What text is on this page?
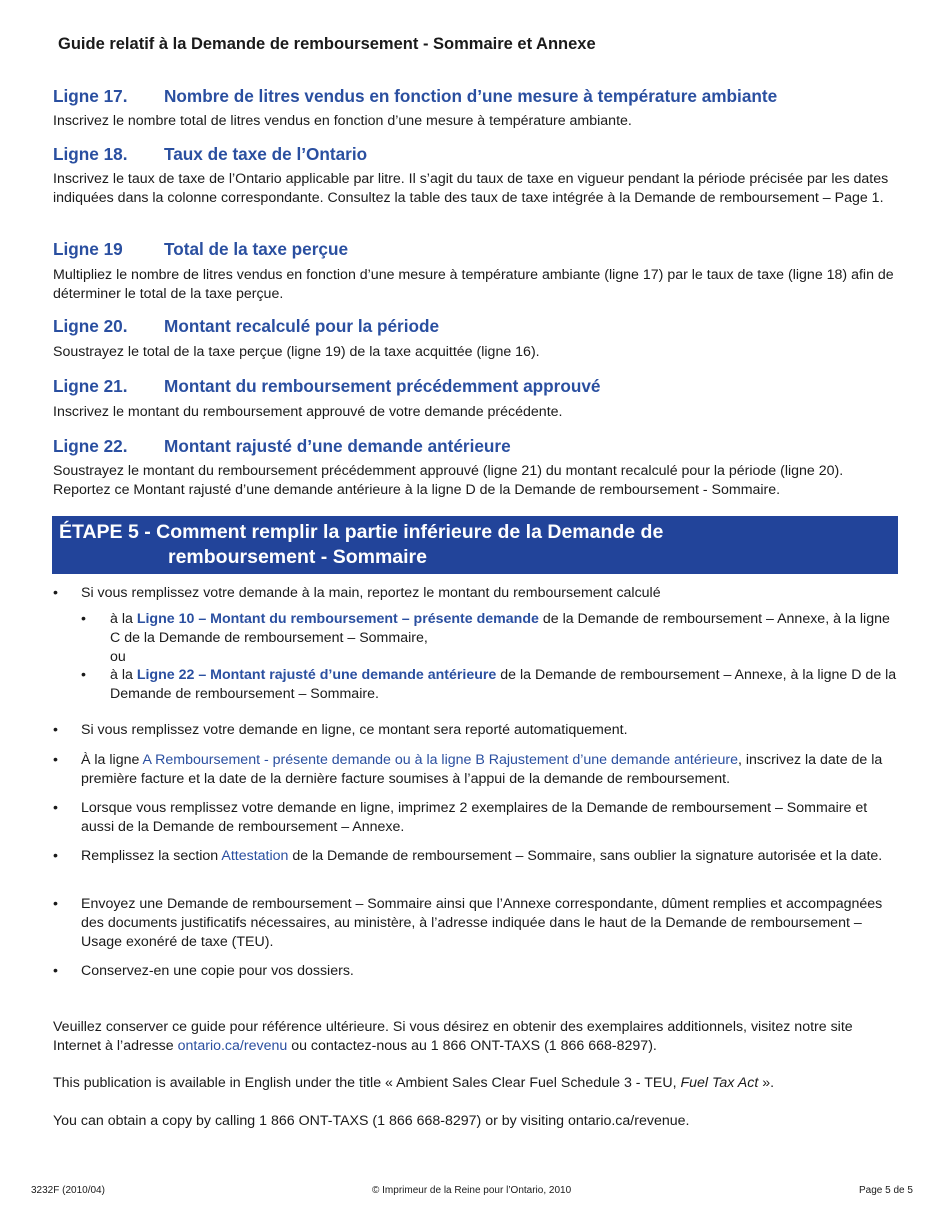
Guide relatif à la Demande de remboursement - Sommaire et Annexe
Ligne 17. Nombre de litres vendus en fonction d’une mesure à température ambiante
Inscrivez le nombre total de litres vendus en fonction d’une mesure à température ambiante.
Ligne 18. Taux de taxe de l’Ontario
Inscrivez le taux de taxe de l’Ontario applicable par litre. Il s’agit du taux de taxe en vigueur pendant la période précisée par les dates indiquées dans la colonne correspondante. Consultez la table des taux de taxe intégrée à la Demande de remboursement – Page 1.
Ligne 19 Total de la taxe perçue
Multipliez le nombre de litres vendus en fonction d’une mesure à température ambiante (ligne 17) par le taux de taxe (ligne 18) afin de déterminer le total de la taxe perçue.
Ligne 20. Montant recalculé pour la période
Soustrayez le total de la taxe perçue (ligne 19) de la taxe acquittée (ligne 16).
Ligne 21. Montant du remboursement précédemment approuvé
Inscrivez le montant du remboursement approuvé de votre demande précédente.
Ligne 22. Montant rajusté d’une demande antérieure
Soustrayez le montant du remboursement précédemment approuvé (ligne 21) du montant recalculé pour la période (ligne 20). Reportez ce Montant rajusté d’une demande antérieure à la ligne D de la Demande de remboursement - Sommaire.
ÉTAPE 5 - Comment remplir la partie inférieure de la Demande de
remboursement - Sommaire
• Si vous remplissez votre demande à la main, reportez le montant du remboursement calculé
• à la Ligne 10 – Montant du remboursement – présente demande de la Demande de remboursement – Annexe, à la ligne C de la Demande de remboursement – Sommaire,
ou
• à la Ligne 22 – Montant rajusté d’une demande antérieure de la Demande de remboursement – Annexe, à la ligne D de la Demande de remboursement – Sommaire.
• Si vous remplissez votre demande en ligne, ce montant sera reporté automatiquement.
• À la ligne A Remboursement - présente demande ou à la ligne B Rajustement d’une demande antérieure, inscrivez la date de la première facture et la date de la dernière facture soumises à l’appui de la demande de remboursement.
• Lorsque vous remplissez votre demande en ligne, imprimez 2 exemplaires de la Demande de remboursement – Sommaire et aussi de la Demande de remboursement – Annexe.
• Remplissez la section Attestation de la Demande de remboursement – Sommaire, sans oublier la signature autorisée et la date.
• Envoyez une Demande de remboursement – Sommaire ainsi que l’Annexe correspondante, dûment remplies et accompagnées des documents justificatifs nécessaires, au ministère, à l’adresse indiquée dans le haut de la Demande de remboursement – Usage exonéré de taxe (TEU).
• Conservez-en une copie pour vos dossiers.
Veuillez conserver ce guide pour référence ultérieure. Si vous désirez en obtenir des exemplaires additionnels, visitez notre site Internet à l’adresse ontario.ca/revenu ou contactez-nous au 1 866 ONT-TAXS (1 866 668-8297).
This publication is available in English under the title « Ambient Sales Clear Fuel Schedule 3 - TEU, Fuel Tax Act ».
You can obtain a copy by calling 1 866 ONT-TAXS (1 866 668-8297) or by visiting ontario.ca/revenue.
3232F (2010/04)	© Imprimeur de la Reine pour l’Ontario, 2010	Page 5 de 5
